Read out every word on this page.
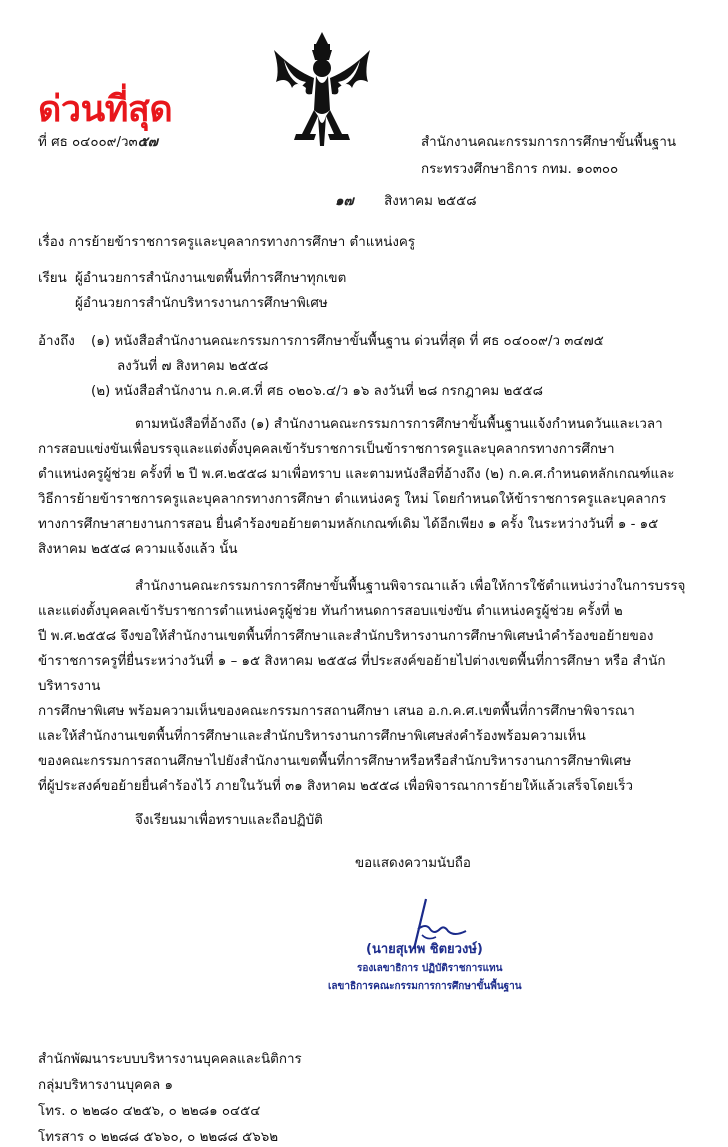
ด่วนที่สุด
ที่ ศธ ๐๔๐๐๙/ว๓๕๗	สำนักงานคณะกรรมการการศึกษาขั้นพื้นฐาน
กระทรวงศึกษาธิการ กทม. ๑๐๓๐๐
๑๗ สิงหาคม ๒๕๕๘
เรื่อง การย้ายข้าราชการครูและบุคลากรทางการศึกษา ตำแหน่งครู
เรียน ผู้อำนวยการสำนักงานเขตพื้นที่การศึกษาทุกเขต
ผู้อำนวยการสำนักบริหารงานการศึกษาพิเศษ
อ้างถึง (๑) หนังสือสำนักงานคณะกรรมการการศึกษาขั้นพื้นฐาน ด่วนที่สุด ที่ ศธ ๐๔๐๐๙/ว ๓๔๗๕
ลงวันที่ ๗ สิงหาคม ๒๕๕๘
(๒) หนังสือสำนักงาน ก.ค.ศ.ที่ ศธ ๐๒๐๖.๔/ว ๑๖ ลงวันที่ ๒๘ กรกฎาคม ๒๕๕๘

ตามหนังสือที่อ้างถึง (๑) สำนักงานคณะกรรมการการศึกษาขั้นพื้นฐานแจ้งกำหนดวันและเวลา

การสอบแข่งขันเพื่อบรรจุและแต่งตั้งบุคคลเข้ารับราชการเป็นข้าราชการครูและบุคลากรทางการศึกษา

ตำแหน่งครูผู้ช่วย ครั้งที่ ๒ ปี พ.ศ.๒๕๕๘ มาเพื่อทราบ และตามหนังสือที่อ้างถึง (๒) ก.ค.ศ.กำหนดหลักเกณฑ์และ

วิธีการย้ายข้าราชการครูและบุคลากรทางการศึกษา ตำแหน่งครู ใหม่ โดยกำหนดให้ข้าราชการครูและบุคลากร

ทางการศึกษาสายงานการสอน ยื่นคำร้องขอย้ายตามหลักเกณฑ์เดิม ได้อีกเพียง ๑ ครั้ง ในระหว่างวันที่ ๑ - ๑๕

สิงหาคม ๒๕๕๘ ความแจ้งแล้ว นั้น

สำนักงานคณะกรรมการการศึกษาขั้นพื้นฐานพิจารณาแล้ว เพื่อให้การใช้ตำแหน่งว่างในการบรรจุ

และแต่งตั้งบุคคลเข้ารับราชการตำแหน่งครูผู้ช่วย ทันกำหนดการสอบแข่งขัน ตำแหน่งครูผู้ช่วย ครั้งที่ ๒

ปี พ.ศ.๒๕๕๘ จึงขอให้สำนักงานเขตพื้นที่การศึกษาและสำนักบริหารงานการศึกษาพิเศษนำคำร้องขอย้ายของ

ข้าราชการครูที่ยื่นระหว่างวันที่ ๑ – ๑๕ สิงหาคม ๒๕๕๘ ที่ประสงค์ขอย้ายไปต่างเขตพื้นที่การศึกษา หรือ สำนักบริหารงาน

การศึกษาพิเศษ พร้อมความเห็นของคณะกรรมการสถานศึกษา เสนอ อ.ก.ค.ศ.เขตพื้นที่การศึกษาพิจารณา

และให้สำนักงานเขตพื้นที่การศึกษาและสำนักบริหารงานการศึกษาพิเศษส่งคำร้องพร้อมความเห็น

ของคณะกรรมการสถานศึกษาไปยังสำนักงานเขตพื้นที่การศึกษาหรือหรือสำนักบริหารงานการศึกษาพิเศษ

ที่ผู้ประสงค์ขอย้ายยื่นคำร้องไว้ ภายในวันที่ ๓๑ สิงหาคม ๒๕๕๘ เพื่อพิจารณาการย้ายให้แล้วเสร็จโดยเร็ว

จึงเรียนมาเพื่อทราบและถือปฏิบัติ
ขอแสดงความนับถือ
(นายสุเทพ ชิตยวงษ์)
รองเลขาธิการ ปฏิบัติราชการแทน
เลขาธิการคณะกรรมการการศึกษาขั้นพื้นฐาน
สำนักพัฒนาระบบบริหารงานบุคคลและนิติการ
กลุ่มบริหารงานบุคคล ๑
โทร. ๐ ๒๒๘๐ ๔๒๕๖, ๐ ๒๒๘๑ ๐๔๕๔
โทรสาร ๐ ๒๒๘๘ ๕๖๖๐, ๐ ๒๒๘๘ ๕๖๖๒
